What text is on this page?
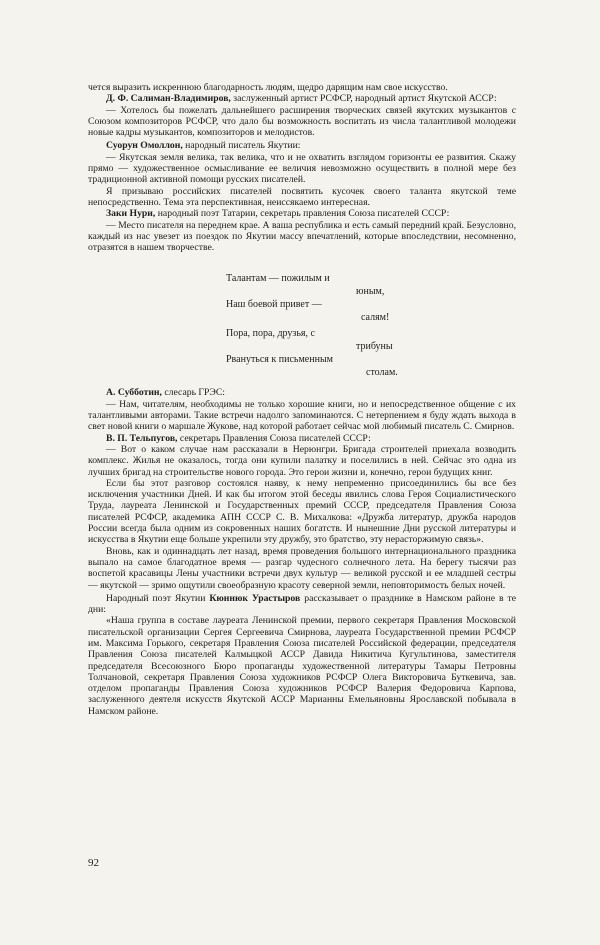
чется выразить искреннюю благодарность людям, щедро дарящим нам свое искусство.

Д. Ф. Салиман-Владимиров, заслуженный артист РСФСР, народный артист Якутской АССР:

— Хотелось бы пожелать дальнейшего расширения творческих связей якутских музыкантов с Союзом композиторов РСФСР, что дало бы возможность воспитать из числа талантливой молодежи новые кадры музыкантов, композиторов и мелодистов.

Суорун Омоллон, народный писатель Якутии:

— Якутская земля велика, так велика, что и не охватить взглядом горизонты ее развития. Скажу прямо — художественное осмысливание ее величия невозможно осуществить в полной мере без традиционной активной помощи русских писателей.

Я призываю российских писателей посвятить кусочек своего таланта якутской теме непосредственно. Тема эта перспективная, неиссякаемо интересная.

Заки Нури, народный поэт Татарии, секретарь правления Союза писателей СССР:

— Место писателя на переднем крае. А ваша республика и есть самый передний край. Безусловно, каждый из нас увезет из поездок по Якутии массу впечатлений, которые впоследствии, несомненно, отразятся в нашем творчестве.

Талантам — пожилым и
юным,
Наш боевой привет —
салям!
Пора, пора, друзья, с
трибуны
Рвануться к письменным
столам.

А. Субботин, слесарь ГРЭС:

— Нам, читателям, необходимы не только хорошие книги, но и непосредственное общение с их талантливыми авторами. Такие встречи надолго запоминаются. С нетерпением я буду ждать выхода в свет новой книги о маршале Жукове, над которой работает сейчас мой любимый писатель С. Смирнов.

В. П. Тельпугов, секретарь Правления Союза писателей СССР:

— Вот о каком случае нам рассказали в Нерюнгри. Бригада строителей приехала возводить комплекс. Жилья не оказалось, тогда они купили палатку и поселились в ней. Сейчас это одна из лучших бригад на строительстве нового города. Это герои жизни и, конечно, герои будущих книг.

Если бы этот разговор состоялся наяву, к нему непременно присоединились бы все без исключения участники Дней. И как бы итогом этой беседы явились слова Героя Социалистического Труда, лауреата Ленинской и Государственных премий СССР, председателя Правления Союза писателей РСФСР, академика АПН СССР С. В. Михалкова: «Дружба литератур, дружба народов России всегда была одним из сокровенных наших богатств. И нынешние Дни русской литературы и искусства в Якутии еще больше укрепили эту дружбу, это братство, эту нерасторжимую связь».

Вновь, как и одиннадцать лет назад, время проведения большого интернационального праздника выпало на самое благодатное время — разгар чудесного солнечного лета. На берегу тысячи раз воспетой красавицы Лены участники встречи двух культур — великой русской и ее младшей сестры — якутской — зримо ощутили своеобразную красоту северной земли, неповторимость белых ночей.

Народный поэт Якутии Кюннюк Урастыров рассказывает о празднике в Намском районе в те дни:

«Наша группа в составе лауреата Ленинской премии, первого секретаря Правления Московской писательской организации Сергея Сергеевича Смирнова, лауреата Государственной премии РСФСР им. Максима Горького, секретаря Правления Союза писателей Российской федерации, председателя Правления Союза писателей Калмыцкой АССР Давида Никитича Кугультинова, заместителя председателя Всесоюзного Бюро пропаганды художественной литературы Тамары Петровны Толчановой, секретаря Правления Союза художников РСФСР Олега Викторовича Буткевича, зав. отделом пропаганды Правления Союза художников РСФСР Валерия Федоровича Карпова, заслуженного деятеля искусств Якутской АССР Марианны Емельяновны Ярославской побывала в Намском районе.

92
